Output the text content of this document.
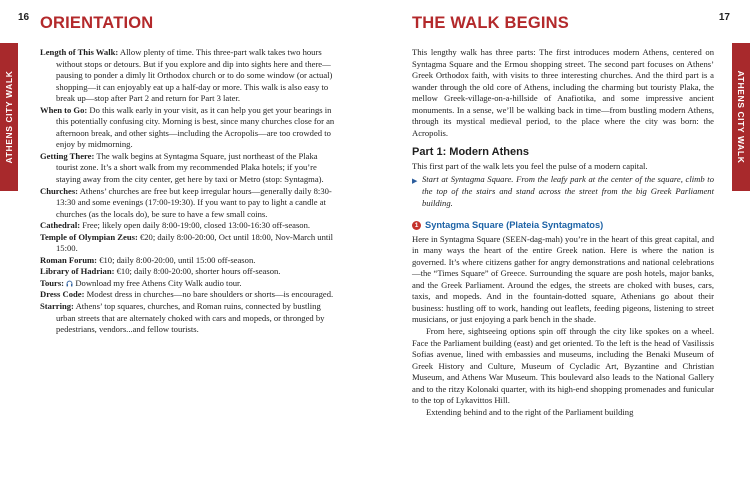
16 ORIENTATION
ATHENS CITY WALK

Length of This Walk: Allow plenty of time. This three-part walk takes two hours without stops or detours. But if you explore and dip into sights here and there—pausing to ponder a dimly lit Orthodox church or to do some window (or actual) shopping—it can enjoyably eat up a half-day or more. This walk is also easy to break up—stop after Part 2 and return for Part 3 later.

When to Go: Do this walk early in your visit, as it can help you get your bearings in this potentially confusing city. Morning is best, since many churches close for an afternoon break, and other sights—including the Acropolis—are too crowded to enjoy by midmorning.

Getting There: The walk begins at Syntagma Square, just northeast of the Plaka tourist zone. It’s a short walk from my recommended Plaka hotels; if you’re staying away from the city center, get here by taxi or Metro (stop: Syntagma).

Churches: Athens’ churches are free but keep irregular hours—generally daily 8:30-13:30 and some evenings (17:00-19:30). If you want to pay to light a candle at churches (as the locals do), be sure to have a few small coins.

Cathedral: Free; likely open daily 8:00-19:00, closed 13:00-16:30 off-season.

Temple of Olympian Zeus: €20; daily 8:00-20:00, Oct until 18:00, Nov-March until 15:00.

Roman Forum: €10; daily 8:00-20:00, until 15:00 off-season.

Library of Hadrian: €10; daily 8:00-20:00, shorter hours off-season.

Tours:  Download my free Athens City Walk audio tour.

Dress Code: Modest dress in churches—no bare shoulders or shorts—is encouraged.

Starring: Athens’ top squares, churches, and Roman ruins, connected by bustling urban streets that are alternately choked with cars and mopeds, or thronged by pedestrians, vendors...and fellow tourists.

17
THE WALK BEGINS
ATHENS CITY WALK

This lengthy walk has three parts: The first introduces modern Athens, centered on Syntagma Square and the Ermou shopping street. The second part focuses on Athens’ Greek Orthodox faith, with visits to three interesting churches. And the third part is a wander through the old core of Athens, including the charming but touristy Plaka, the mellow Greek-village-on-a-hillside of Anafiotika, and some impressive ancient monuments. In a sense, we’ll be walking back in time—from bustling modern Athens, through its mystical medieval period, to the place where the city was born: the Acropolis.

Part 1: Modern Athens

This first part of the walk lets you feel the pulse of a modern capital.

▶ Start at Syntagma Square. From the leafy park at the center of the square, climb to the top of the stairs and stand across the street from the big Greek Parliament building.

1 Syntagma Square (Plateia Syntagmatos)

Here in Syntagma Square (SEEN-dag-mah) you’re in the heart of this great capital, and in many ways the heart of the entire Greek nation. Here is where the nation is governed. It’s where citizens gather for angry demonstrations and national celebrations—the “Times Square” of Greece. Surrounding the square are posh hotels, major banks, and the Greek Parliament. Around the edges, the streets are choked with buses, cars, taxis, and mopeds. And in the fountain-dotted square, Athenians go about their business: hustling off to work, handing out leaflets, feeding pigeons, listening to street musicians, or just enjoying a park bench in the shade.

From here, sightseeing options spin off through the city like spokes on a wheel. Face the Parliament building (east) and get oriented. To the left is the head of Vasilissis Sofias avenue, lined with embassies and museums, including the Benaki Museum of Greek History and Culture, Museum of Cycladic Art, Byzantine and Christian Museum, and Athens War Museum. This boulevard also leads to the National Gallery and to the ritzy Kolonaki quarter, with its high-end shopping promenades and funicular to the top of Lykavittos Hill.

Extending behind and to the right of the Parliament building
